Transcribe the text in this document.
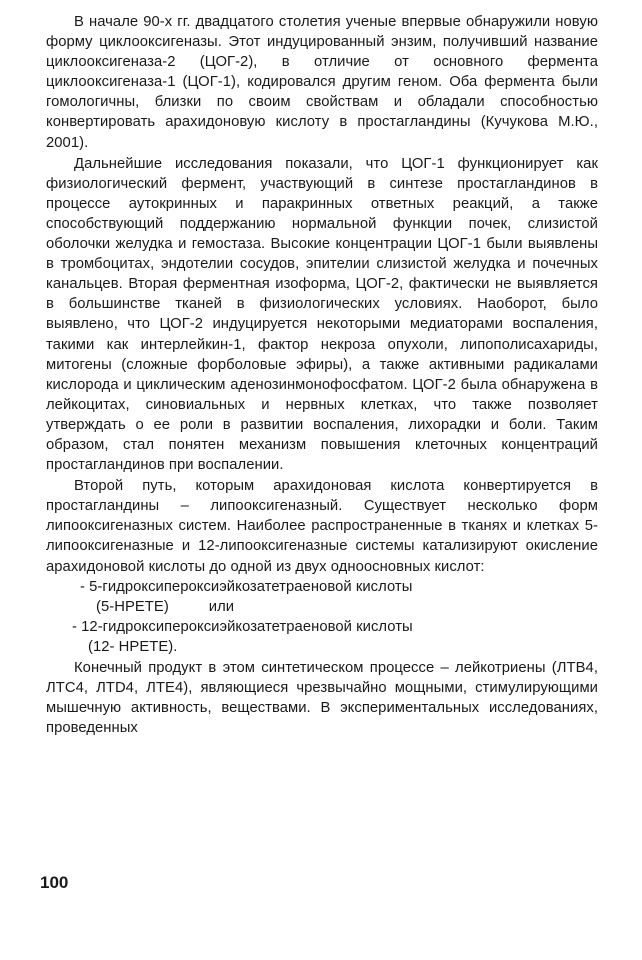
В начале 90-х гг. двадцатого столетия ученые впервые обнаружили новую форму циклооксигеназы. Этот индуцированный энзим, получивший название циклооксигеназа-2 (ЦОГ-2), в отличие от основного фермента циклооксигеназа-1 (ЦОГ-1), кодировался другим геном. Оба фермента были гомологичны, близки по своим свойствам и обладали способностью конвертировать арахидоновую кислоту в простагландины (Кучукова М.Ю., 2001).

Дальнейшие исследования показали, что ЦОГ-1 функционирует как физиологический фермент, участвующий в синтезе простагландинов в процессе аутокринных и паракринных ответных реакций, а также способствующий поддержанию нормальной функции почек, слизистой оболочки желудка и гемостаза. Высокие концентрации ЦОГ-1 были выявлены в тромбоцитах, эндотелии сосудов, эпителии слизистой желудка и почечных канальцев. Вторая ферментная изоформа, ЦОГ-2, фактически не выявляется в большинстве тканей в физиологических условиях. Наоборот, было выявлено, что ЦОГ-2 индуцируется некоторыми медиаторами воспаления, такими как интерлейкин-1, фактор некроза опухоли, липополисахариды, митогены (сложные форболовые эфиры), а также активными радикалами кислорода и циклическим аденозинмонофосфатом. ЦОГ-2 была обнаружена в лейкоцитах, синовиальных и нервных клетках, что также позволяет утверждать о ее роли в развитии воспаления, лихорадки и боли. Таким образом, стал понятен механизм повышения клеточных концентраций простагландинов при воспалении.

Второй путь, которым арахидоновая кислота конвертируется в простагландины – липооксигеназный. Существует несколько форм липооксигеназных систем. Наиболее распространенные в тканях и клетках 5-липооксигеназные и 12-липооксигеназные системы катализируют окисление арахидоновой кислоты до одной из двух одноосновных кислот:

- 5-гидроксипероксиэйкозатетраеновой кислоты
(5-НРЕТЕ)	или
- 12-гидроксипероксиэйкозатетраеновой кислоты
(12- НРЕТЕ).

Конечный продукт в этом синтетическом процессе – лейкотриены (ЛТВ4, ЛТС4, ЛТD4, ЛТЕ4), являющиеся чрезвычайно мощными, стимулирующими мышечную активность, веществами. В экспериментальных исследованиях, проведенных

100
